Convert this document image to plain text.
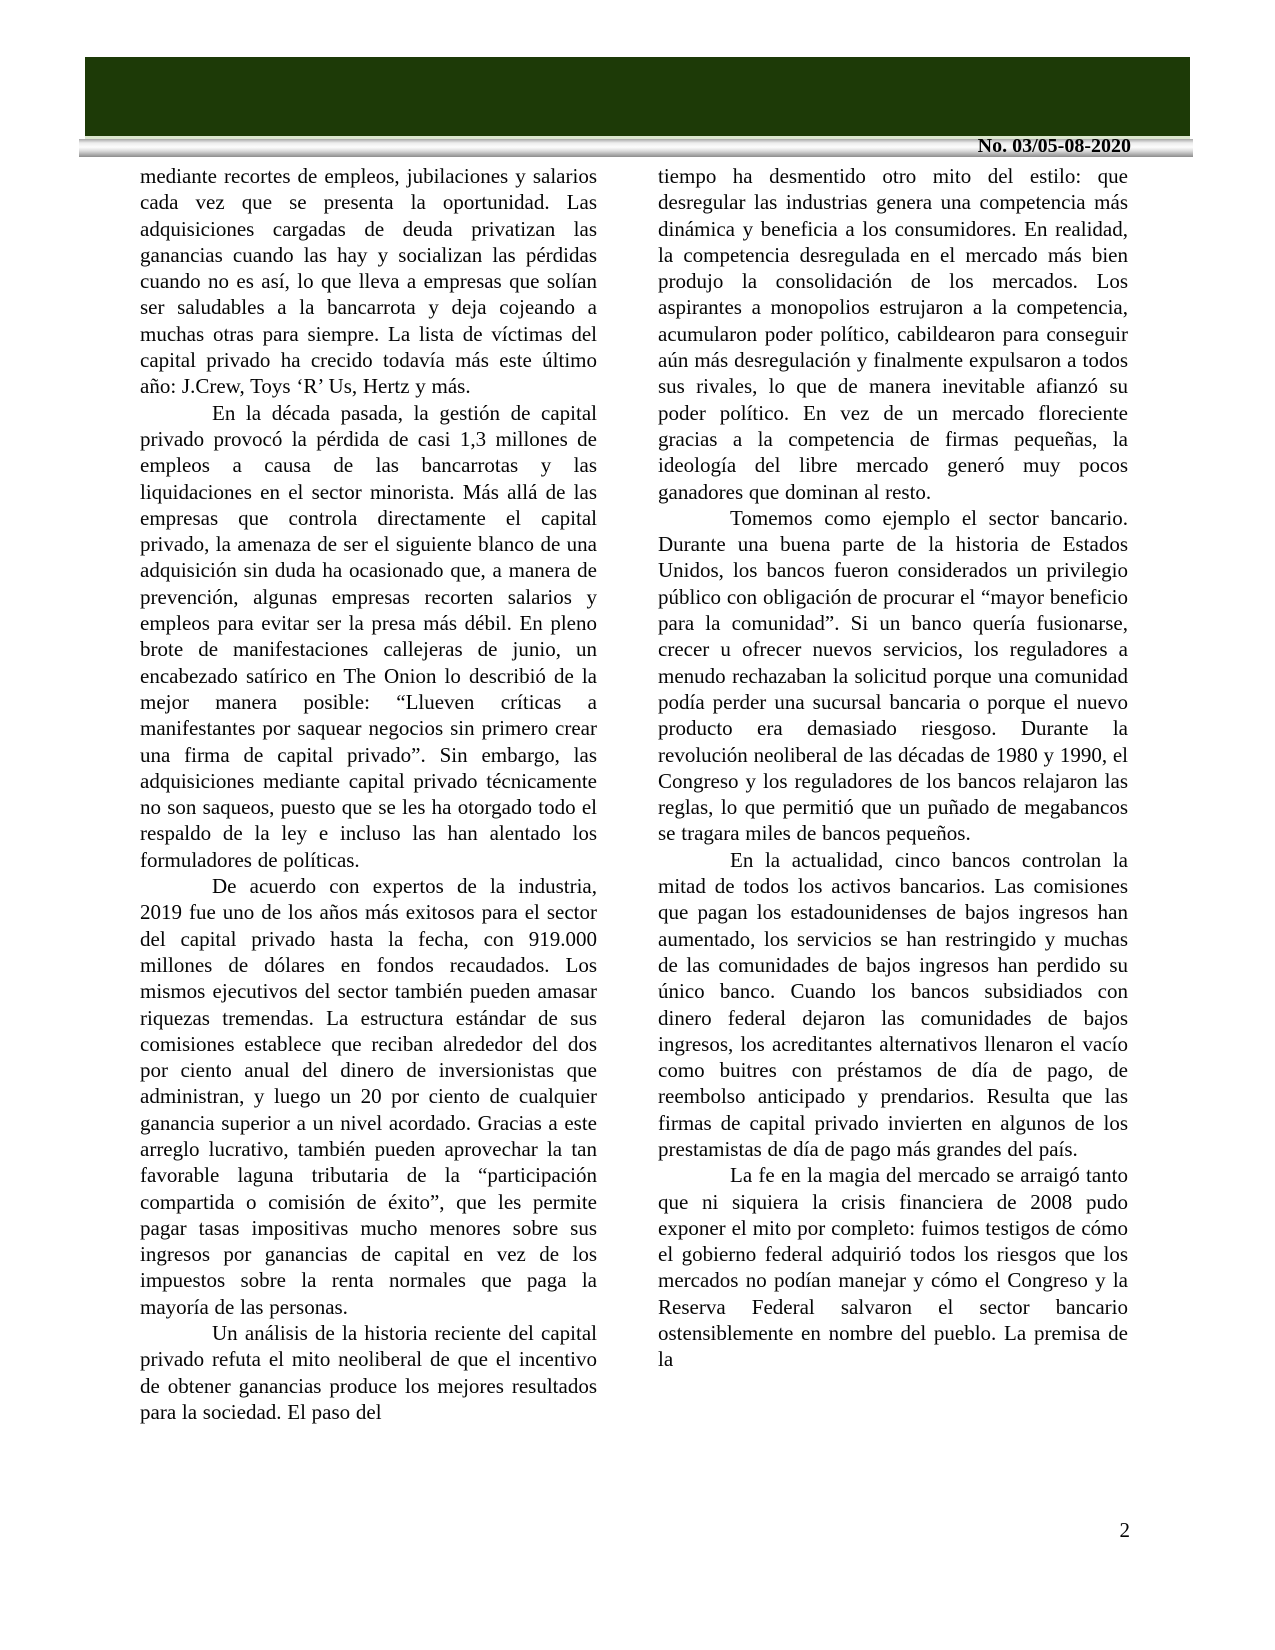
No. 03/05-08-2020

mediante recortes de empleos, jubilaciones y salarios cada vez que se presenta la oportunidad. Las adquisiciones cargadas de deuda privatizan las ganancias cuando las hay y socializan las pérdidas cuando no es así, lo que lleva a empresas que solían ser saludables a la bancarrota y deja cojeando a muchas otras para siempre. La lista de víctimas del capital privado ha crecido todavía más este último año: J.Crew, Toys ‘R’ Us, Hertz y más.

En la década pasada, la gestión de capital privado provocó la pérdida de casi 1,3 millones de empleos a causa de las bancarrotas y las liquidaciones en el sector minorista. Más allá de las empresas que controla directamente el capital privado, la amenaza de ser el siguiente blanco de una adquisición sin duda ha ocasionado que, a manera de prevención, algunas empresas recorten salarios y empleos para evitar ser la presa más débil. En pleno brote de manifestaciones callejeras de junio, un encabezado satírico en The Onion lo describió de la mejor manera posible: “Llueven críticas a manifestantes por saquear negocios sin primero crear una firma de capital privado”. Sin embargo, las adquisiciones mediante capital privado técnicamente no son saqueos, puesto que se les ha otorgado todo el respaldo de la ley e incluso las han alentado los formuladores de políticas.

De acuerdo con expertos de la industria, 2019 fue uno de los años más exitosos para el sector del capital privado hasta la fecha, con 919.000 millones de dólares en fondos recaudados. Los mismos ejecutivos del sector también pueden amasar riquezas tremendas. La estructura estándar de sus comisiones establece que reciban alrededor del dos por ciento anual del dinero de inversionistas que administran, y luego un 20 por ciento de cualquier ganancia superior a un nivel acordado. Gracias a este arreglo lucrativo, también pueden aprovechar la tan favorable laguna tributaria de la “participación compartida o comisión de éxito”, que les permite pagar tasas impositivas mucho menores sobre sus ingresos por ganancias de capital en vez de los impuestos sobre la renta normales que paga la mayoría de las personas.

Un análisis de la historia reciente del capital privado refuta el mito neoliberal de que el incentivo de obtener ganancias produce los mejores resultados para la sociedad. El paso del

tiempo ha desmentido otro mito del estilo: que desregular las industrias genera una competencia más dinámica y beneficia a los consumidores. En realidad, la competencia desregulada en el mercado más bien produjo la consolidación de los mercados. Los aspirantes a monopolios estrujaron a la competencia, acumularon poder político, cabildearon para conseguir aún más desregulación y finalmente expulsaron a todos sus rivales, lo que de manera inevitable afianzó su poder político. En vez de un mercado floreciente gracias a la competencia de firmas pequeñas, la ideología del libre mercado generó muy pocos ganadores que dominan al resto.

Tomemos como ejemplo el sector bancario. Durante una buena parte de la historia de Estados Unidos, los bancos fueron considerados un privilegio público con obligación de procurar el “mayor beneficio para la comunidad”. Si un banco quería fusionarse, crecer u ofrecer nuevos servicios, los reguladores a menudo rechazaban la solicitud porque una comunidad podía perder una sucursal bancaria o porque el nuevo producto era demasiado riesgoso. Durante la revolución neoliberal de las décadas de 1980 y 1990, el Congreso y los reguladores de los bancos relajaron las reglas, lo que permitió que un puñado de megabancos se tragara miles de bancos pequeños.

En la actualidad, cinco bancos controlan la mitad de todos los activos bancarios. Las comisiones que pagan los estadounidenses de bajos ingresos han aumentado, los servicios se han restringido y muchas de las comunidades de bajos ingresos han perdido su único banco. Cuando los bancos subsidiados con dinero federal dejaron las comunidades de bajos ingresos, los acreditantes alternativos llenaron el vacío como buitres con préstamos de día de pago, de reembolso anticipado y prendarios. Resulta que las firmas de capital privado invierten en algunos de los prestamistas de día de pago más grandes del país.

La fe en la magia del mercado se arraigó tanto que ni siquiera la crisis financiera de 2008 pudo exponer el mito por completo: fuimos testigos de cómo el gobierno federal adquirió todos los riesgos que los mercados no podían manejar y cómo el Congreso y la Reserva Federal salvaron el sector bancario ostensiblemente en nombre del pueblo. La premisa de la

2
